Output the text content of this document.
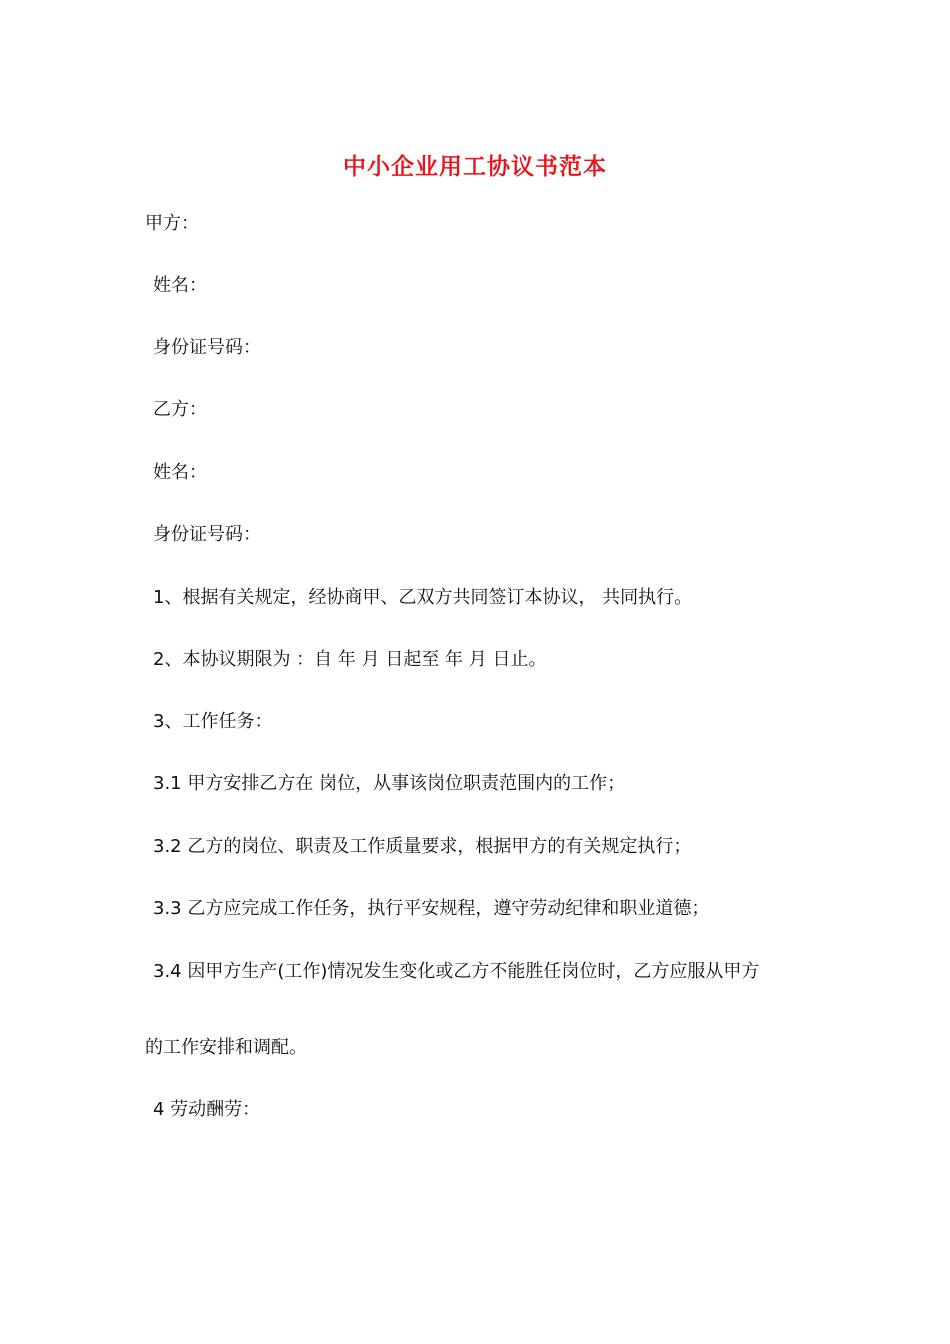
中小企业用工协议书范本
甲方：
姓名：
身份证号码：
乙方：
姓名：
身份证号码：
1、根据有关规定，经协商甲、乙双方共同签订本协议， 共同执行。
2、本协议期限为 ：自 年 月 日起至 年 月 日止。
3、工作任务：
3.1 甲方安排乙方在 岗位，从事该岗位职责范围内的工作；
3.2 乙方的岗位、职责及工作质量要求，根据甲方的有关规定执行；
3.3 乙方应完成工作任务，执行平安规程，遵守劳动纪律和职业道德；
3.4 因甲方生产(工作)情况发生变化或乙方不能胜任岗位时，乙方应服从甲方
的工作安排和调配。
4 劳动酬劳：
